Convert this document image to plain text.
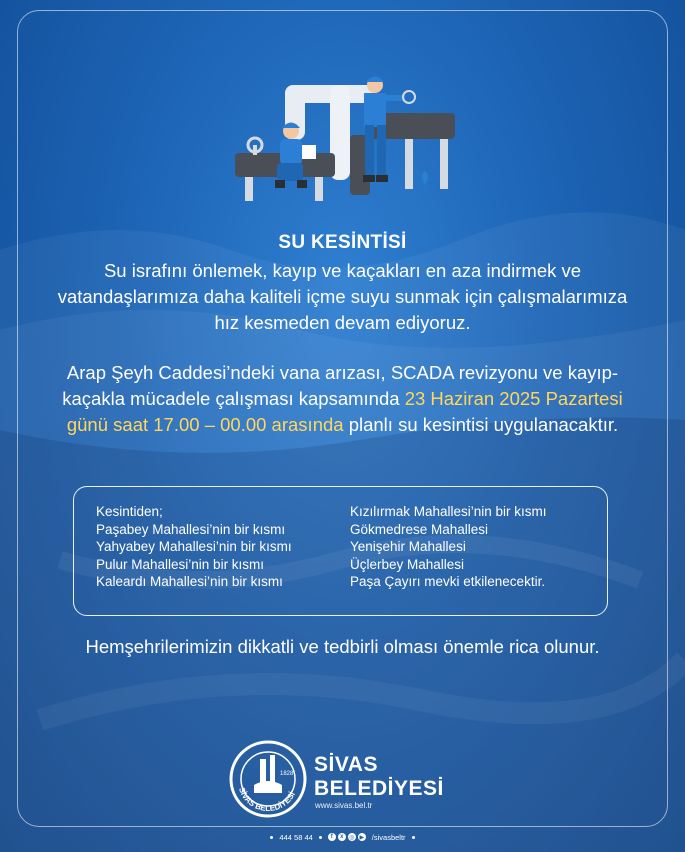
SU KESİNTİSİ
Su israfını önlemek, kayıp ve kaçakları en aza indirmek ve vatandaşlarımıza daha kaliteli içme suyu sunmak için çalışmalarımıza hız kesmeden devam ediyoruz.
Arap Şeyh Caddesi’ndeki vana arızası, SCADA revizyonu ve kayıp-kaçakla mücadele çalışması kapsamında 23 Haziran 2025 Pazartesi günü saat 17.00 – 00.00 arasında planlı su kesintisi uygulanacaktır.
Kesintiden;
Paşabey Mahallesi’nin bir kısmı
Yahyabey Mahallesi’nin bir kısmı
Pulur Mahallesi’nin bir kısmı
Kaleardı Mahallesi’nin bir kısmı
Kızılırmak Mahallesi’nin bir kısmı
Gökmedrese Mahallesi
Yenişehir Mahallesi
Üçlerbey Mahallesi
Paşa Çayırı mevki etkilenecektir.
Hemşehrilerimizin dikkatli ve tedbirli olması önemle rica olunur.
1828
SİVAS BELEDİYESİ
SİVAS
BELEDİYESİ
www.sivas.bel.tr
444 58 44	f	x ◎ ▶ /sivasbeltr
